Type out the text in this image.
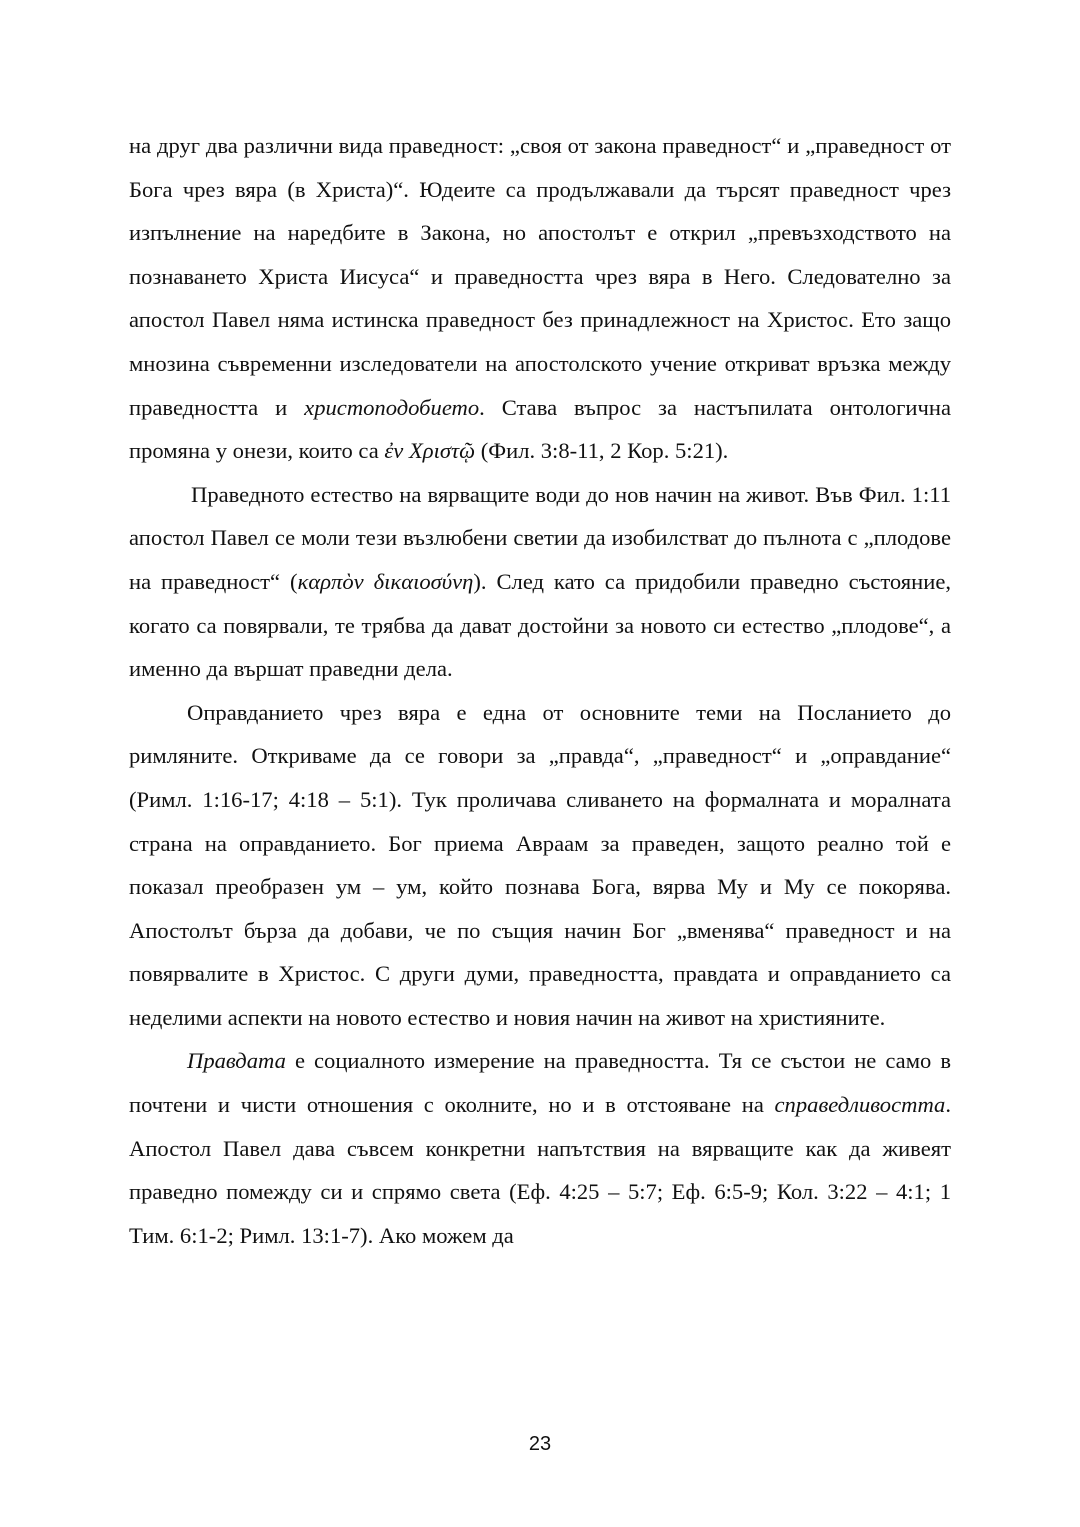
на друг два различни вида праведност: „своя от закона праведност“ и „праведност от Бога чрез вяра (в Христа)“. Юдеите са продължавали да търсят праведност чрез изпълнение на наредбите в Закона, но апостолът е открил „превъзходството на познаването Христа Иисуса“ и праведността чрез вяра в Него. Следователно за апостол Павел няма истинска праведност без принадлежност на Христос. Ето защо мнозина съвременни изследователи на апостолското учение откриват връзка между праведността и христоподобието. Става въпрос за настъпилата онтологична промяна у онези, които са ἐν Χριστῷ (Фил. 3:8-11, 2 Кор. 5:21).

Праведното естество на вярващите води до нов начин на живот. Във Фил. 1:11 апостол Павел се моли тези възлюбени светии да изобилстват до пълнота с „плодове на праведност“ (καρπὸν δικαιοσύνη). След като са придобили праведно състояние, когато са повярвали, те трябва да дават достойни за новото си естество „плодове“, а именно да вършат праведни дела.

Оправданието чрез вяра е една от основните теми на Посланието до римляните. Откриваме да се говори за „правда“, „праведност“ и „оправдание“ (Римл. 1:16-17; 4:18 – 5:1). Тук проличава сливането на формалната и моралната страна на оправданието. Бог приема Авраам за праведен, защото реално той е показал преобразен ум – ум, който познава Бога, вярва Му и Му се покорява. Апостолът бърза да добави, че по същия начин Бог „вменява“ праведност и на повярвалите в Христос. С други думи, праведността, правдата и оправданието са неделими аспекти на новото естество и новия начин на живот на християните.

Правдата е социалното измерение на праведността. Тя се състои не само в почтени и чисти отношения с околните, но и в отстояване на справедливостта. Апостол Павел дава съвсем конкретни напътствия на вярващите как да живеят праведно помежду си и спрямо света (Еф. 4:25 – 5:7; Еф. 6:5-9; Кол. 3:22 – 4:1; 1 Тим. 6:1-2; Римл. 13:1-7). Ако можем да

23
